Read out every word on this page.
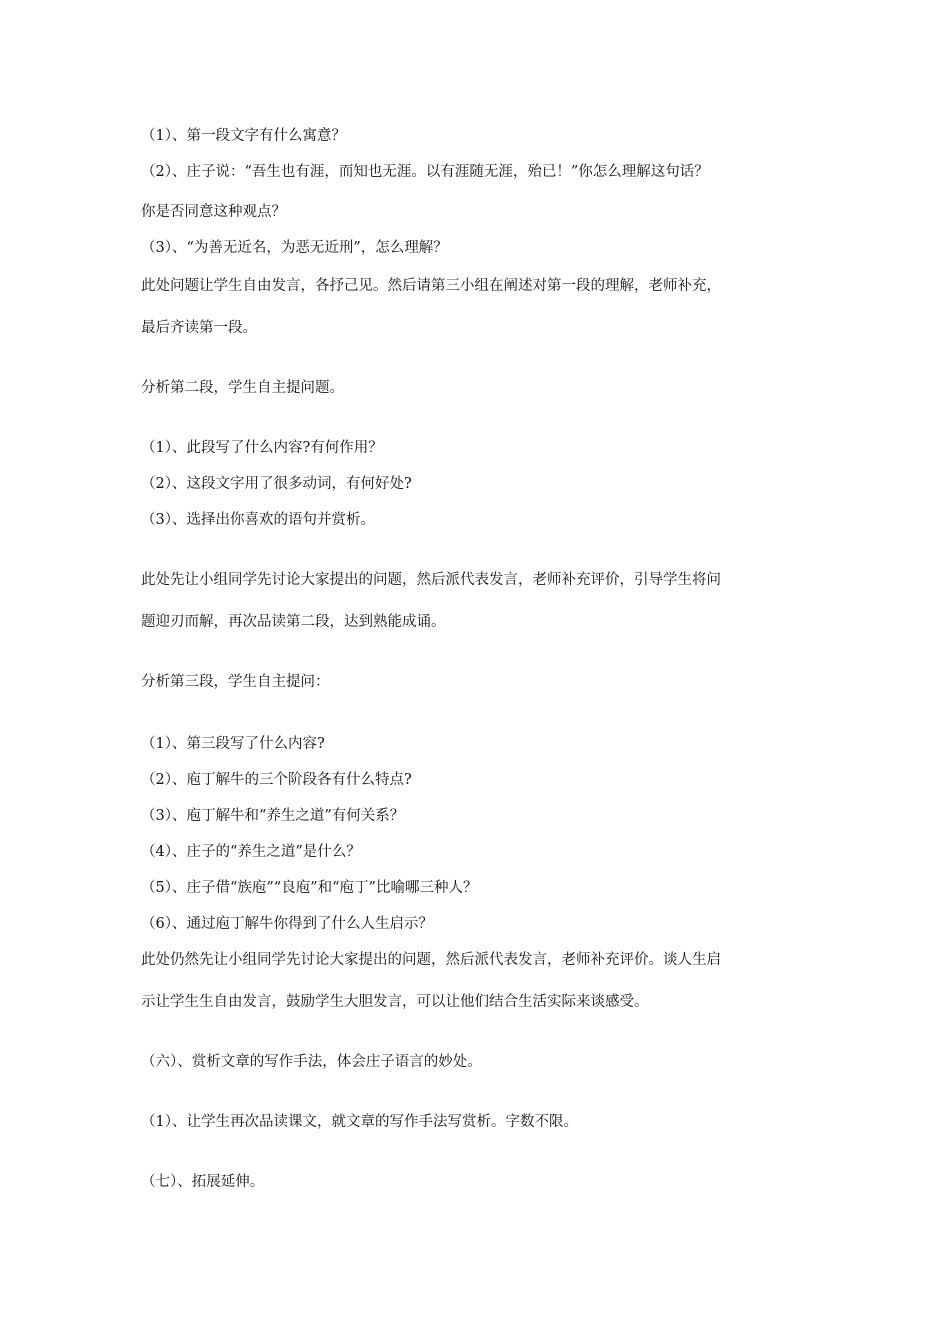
（1）、第一段文字有什么寓意？

（2）、庄子说：“吾生也有涯，而知也无涯。以有涯随无涯，殆已！”你怎么理解这句话？

你是否同意这种观点？

（3）、“为善无近名，为恶无近刑”，怎么理解？

此处问题让学生自由发言，各抒己见。然后请第三小组在阐述对第一段的理解，老师补充，

最后齐读第一段。

分析第二段，学生自主提问题。

（1）、此段写了什么内容?有何作用？

（2）、这段文字用了很多动词，有何好处?

（3）、选择出你喜欢的语句并赏析。

此处先让小组同学先讨论大家提出的问题，然后派代表发言，老师补充评价，引导学生将问

题迎刃而解，再次品读第二段，达到熟能成诵。

分析第三段，学生自主提问：

（1）、第三段写了什么内容?

（2）、庖丁解牛的三个阶段各有什么特点?

（3）、庖丁解牛和“养生之道”有何关系？

（4）、庄子的“养生之道”是什么？

（5）、庄子借“族庖”“良庖”和“庖丁”比喻哪三种人？

（6）、通过庖丁解牛你得到了什么人生启示？

此处仍然先让小组同学先讨论大家提出的问题，然后派代表发言，老师补充评价。谈人生启

示让学生生自由发言，鼓励学生大胆发言，可以让他们结合生活实际来谈感受。

（六）、赏析文章的写作手法，体会庄子语言的妙处。

（1）、让学生再次品读课文，就文章的写作手法写赏析。字数不限。

（七）、拓展延伸。
